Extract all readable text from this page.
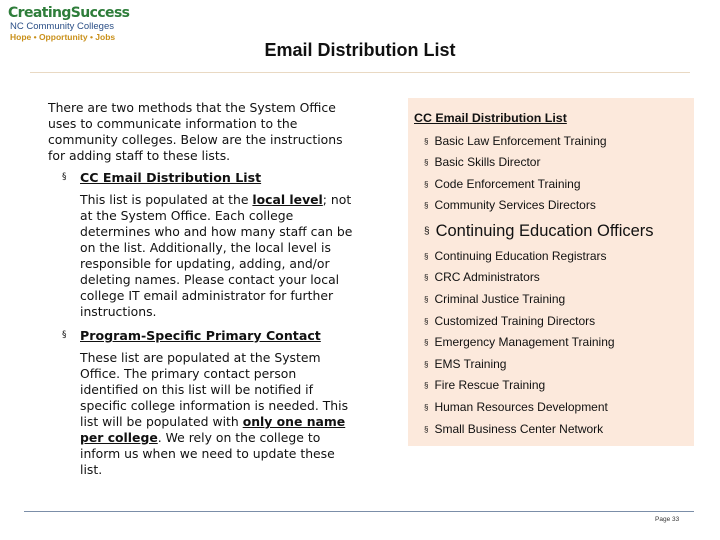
CreatingSuccess
NC Community Colleges
Hope • Opportunity • Jobs
Email Distribution List

There are two methods that the System Office uses to communicate information to the community colleges. Below are the instructions for adding staff to these lists.

§ CC Email Distribution List
This list is populated at the local level; not at the System Office. Each college determines who and how many staff can be on the list. Additionally, the local level is responsible for updating, adding, and/or deleting names. Please contact your local college IT email administrator for further instructions.
§ Program-Specific Primary Contact
These list are populated at the System Office. The primary contact person identified on this list will be notified if specific college information is needed. This list will be populated with only one name per college. We rely on the college to inform us when we need to update these list.
CC Email Distribution List
§ Basic Law Enforcement Training
§ Basic Skills Director
§ Code Enforcement Training
§ Community Services Directors
§ Continuing Education Officers
§ Continuing Education Registrars
§ CRC Administrators
§ Criminal Justice Training
§ Customized Training Directors
§ Emergency Management Training
§ EMS Training
§ Fire Rescue Training
§ Human Resources Development
§ Small Business Center Network
Page 33
